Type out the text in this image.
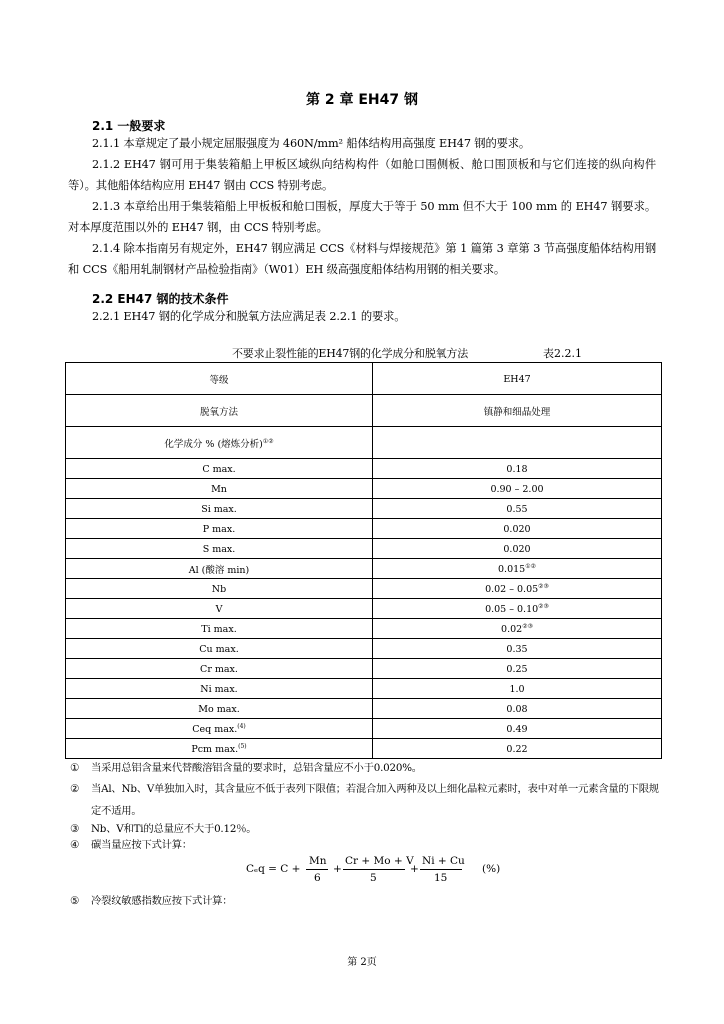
第 2 章 EH47 钢
2.1 一般要求
2.1.1 本章规定了最小规定屈服强度为 460N/mm² 船体结构用高强度 EH47 钢的要求。
2.1.2 EH47 钢可用于集装箱船上甲板区域纵向结构构件（如舱口围侧板、舱口围顶板和与它们连接的纵向构件等）。其他船体结构应用 EH47 钢由 CCS 特别考虑。
2.1.3 本章给出用于集装箱船上甲板板和舱口围板，厚度大于等于 50 mm 但不大于 100 mm 的 EH47 钢要求。对本厚度范围以外的 EH47 钢，由 CCS 特别考虑。
2.1.4 除本指南另有规定外，EH47 钢应满足 CCS《材料与焊接规范》第 1 篇第 3 章第 3 节高强度船体结构用钢和 CCS《船用轧制钢材产品检验指南》（W01）EH 级高强度船体结构用钢的相关要求。
2.2 EH47 钢的技术条件
2.2.1 EH47 钢的化学成分和脱氧方法应满足表 2.2.1 的要求。
不要求止裂性能的EH47钢的化学成分和脱氧方法	表2.2.1
等级	EH47
脱氧方法	镇静和细晶处理
化学成分 % (熔炼分析)①②	
C max.	0.18
Mn	0.90 – 2.00
Si max.	0.55
P max.	0.020
S max.	0.020
Al (酸溶 min)	0.015①②
Nb	0.02 – 0.05②③
V	0.05 – 0.10②③
Ti max.	0.02②③
Cu max.	0.35
Cr max.	0.25
Ni max.	1.0
Mo max.	0.08
Ceq max.$^{(4)}$	0.49
Pcm max.$^{(5)}$	0.22
① 当采用总铝含量来代替酸溶铝含量的要求时，总铝含量应不小于0.020%。
② 当Al、Nb、V单独加入时，其含量应不低于表列下限值；若混合加入两种及以上细化晶粒元素时，表中对单一元素含量的下限规定不适用。
③ Nb、V和Ti的总量应不大于0.12％。
④ 碳当量应按下式计算：
⑤ 冷裂纹敏感指数应按下式计算：
Cₑq = C +
Mn
6
+
Cr + Mo + V
5
+
Ni + Cu
15
(%)
第 2页
